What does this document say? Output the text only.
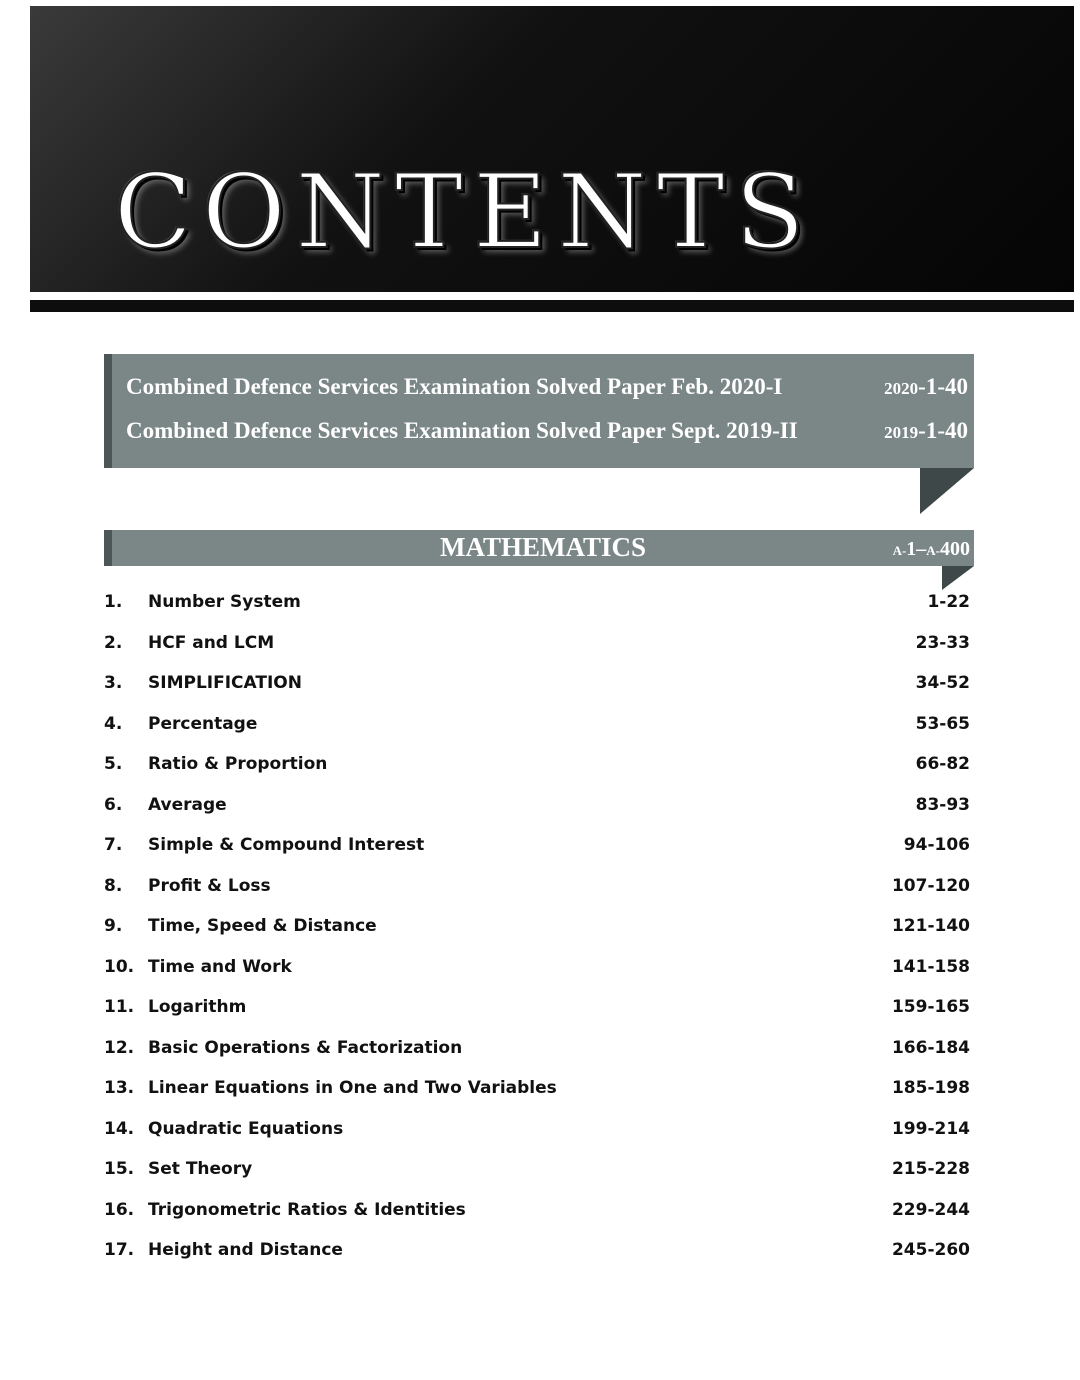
CONTENTS
Combined Defence Services Examination Solved Paper Feb. 2020-I	2020-1-40
Combined Defence Services Examination Solved Paper Sept. 2019-II	2019-1-40
MATHEMATICS	A-1–A-400
1. Number System	1-22
2. HCF and LCM	23-33
3. SIMPLIFICATION	34-52
4. Percentage	53-65
5. Ratio & Proportion	66-82
6. Average	83-93
7. Simple & Compound Interest	94-106
8. Profit & Loss	107-120
9. Time, Speed & Distance	121-140
10. Time and Work	141-158
11. Logarithm	159-165
12. Basic Operations & Factorization	166-184
13. Linear Equations in One and Two Variables	185-198
14. Quadratic Equations	199-214
15. Set Theory	215-228
16. Trigonometric Ratios & Identities	229-244
17. Height and Distance	245-260
